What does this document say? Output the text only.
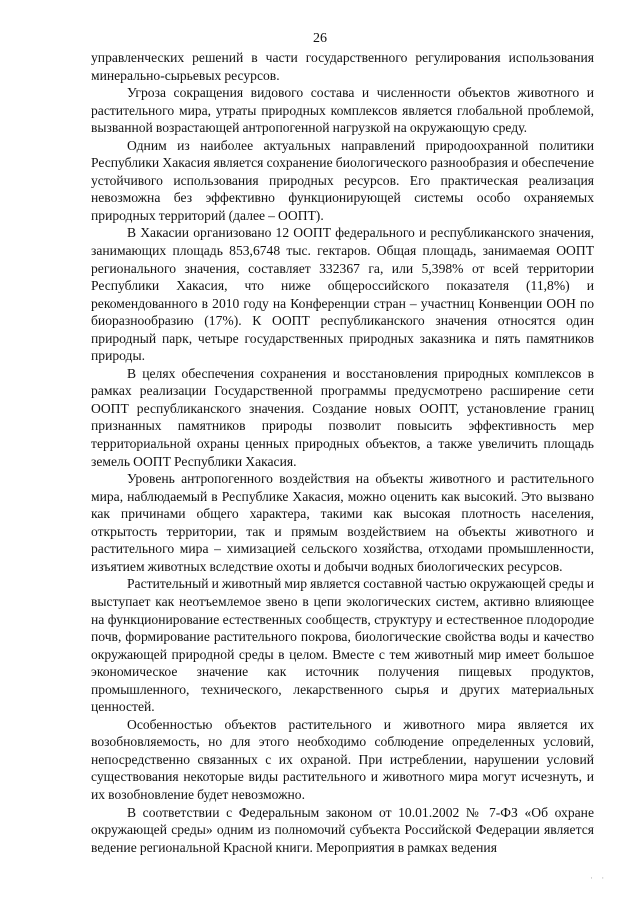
26

управленческих решений в части государственного регулирования использования минерально-сырьевых ресурсов.

Угроза сокращения видового состава и численности объектов животного и растительного мира, утраты природных комплексов является глобальной проблемой, вызванной возрастающей антропогенной нагрузкой на окружающую среду.

Одним из наиболее актуальных направлений природоохранной политики Республики Хакасия является сохранение биологического разнообразия и обеспечение устойчивого использования природных ресурсов. Его практическая реализация невозможна без эффективно функционирующей системы особо охраняемых природных территорий (далее – ООПТ).

В Хакасии организовано 12 ООПТ федерального и республиканского значения, занимающих площадь 853,6748 тыс. гектаров. Общая площадь, занимаемая ООПТ регионального значения, составляет 332367 га, или 5,398% от всей территории Республики Хакасия, что ниже общероссийского показателя (11,8%) и рекомендованного в 2010 году на Конференции стран – участниц Конвенции ООН по биоразнообразию (17%). К ООПТ республиканского значения относятся один природный парк, четыре государственных природных заказника и пять памятников природы.

В целях обеспечения сохранения и восстановления природных комплексов в рамках реализации Государственной программы предусмотрено расширение сети ООПТ республиканского значения. Создание новых ООПТ, установление границ признанных памятников природы позволит повысить эффективность мер территориальной охраны ценных природных объектов, а также увеличить площадь земель ООПТ Республики Хакасия.

Уровень антропогенного воздействия на объекты животного и растительного мира, наблюдаемый в Республике Хакасия, можно оценить как высокий. Это вызвано как причинами общего характера, такими как высокая плотность населения, открытость территории, так и прямым воздействием на объекты животного и растительного мира – химизацией сельского хозяйства, отходами промышленности, изъятием животных вследствие охоты и добычи водных биологических ресурсов.

Растительный и животный мир является составной частью окружающей среды и выступает как неотъемлемое звено в цепи экологических систем, активно влияющее на функционирование естественных сообществ, структуру и естественное плодородие почв, формирование растительного покрова, биологические свойства воды и качество окружающей природной среды в целом. Вместе с тем животный мир имеет большое экономическое значение как источник получения пищевых продуктов, промышленного, технического, лекарственного сырья и других материальных ценностей.

Особенностью объектов растительного и животного мира является их возобновляемость, но для этого необходимо соблюдение определенных условий, непосредственно связанных с их охраной. При истреблении, нарушении условий существования некоторые виды растительного и животного мира могут исчезнуть, и их возобновление будет невозможно.

В соответствии с Федеральным законом от 10.01.2002 № 7-ФЗ «Об охране окружающей среды» одним из полномочий субъекта Российской Федерации является ведение региональной Красной книги. Мероприятия в рамках ведения

· ·
